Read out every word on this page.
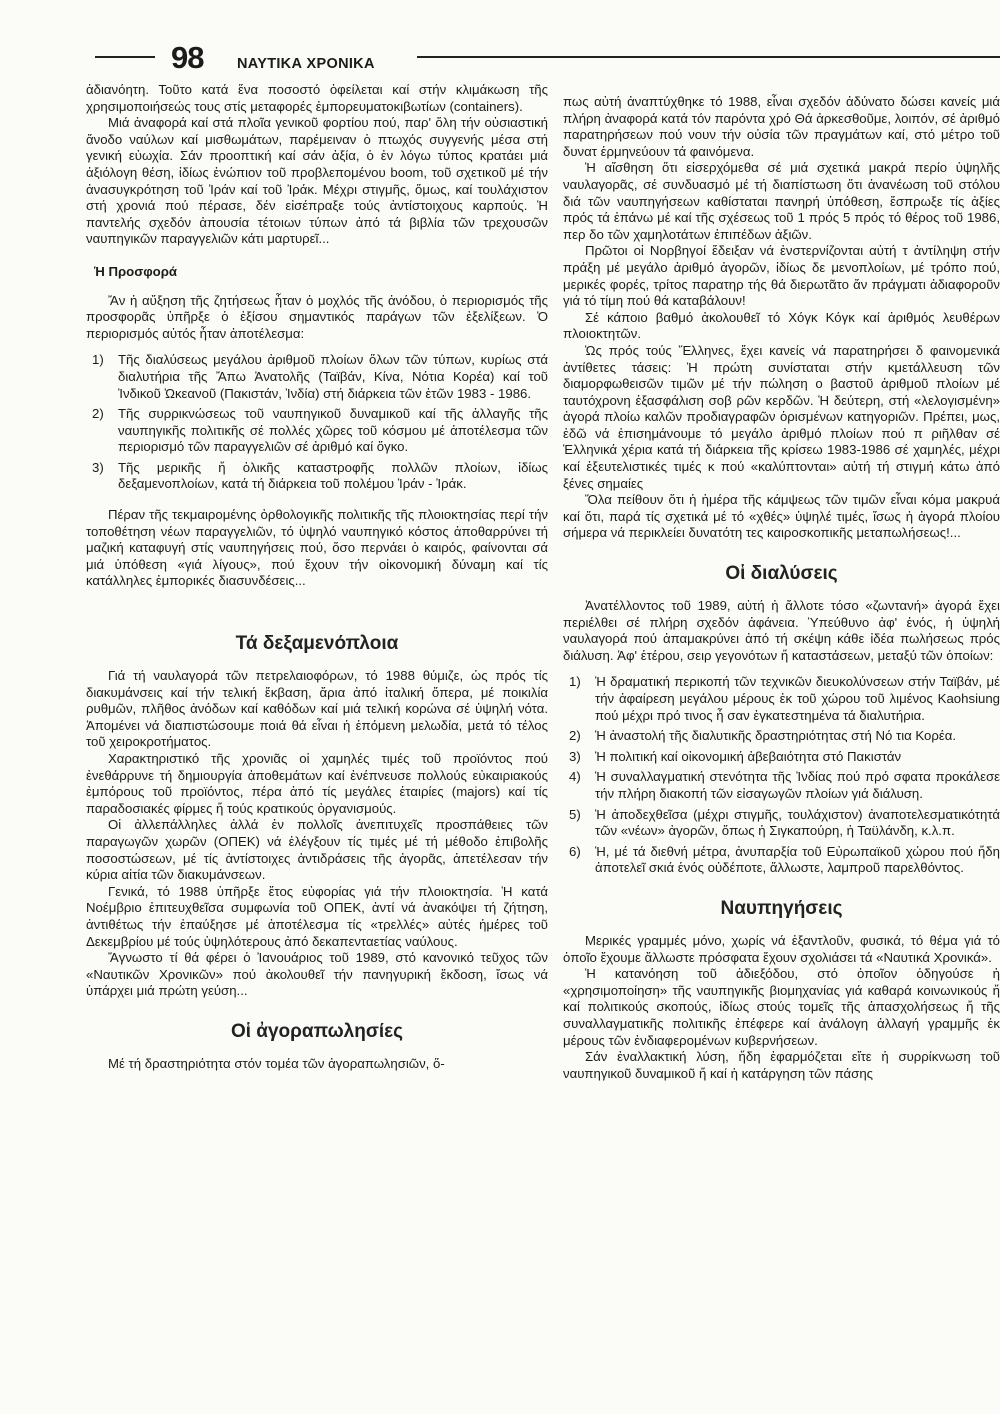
98 ΝΑΥΤΙΚΑ ΧΡΟΝΙΚΑ

ἀδιανόητη. Τοῦτο κατά ἕνα ποσοστό ὀφείλεται καί στήν κλιμάκωση τῆς χρησιμοποιήσεώς τους στίς μεταφορές ἐμπορευματοκιβωτίων (containers).

Μιά ἀναφορά καί στά πλοῖα γενικοῦ φορτίου πού, παρ' ὅλη τήν οὐσιαστική ἄνοδο ναύλων καί μισθωμάτων, παρέμειναν ὁ πτωχός συγγενής μέσα στή γενική εὐωχία. Σάν προοπτική καί σάν ἀξία, ὁ ἐν λόγω τύπος κρατάει μιά ἀξιόλογη θέση, ἰδίως ἐνώπιον τοῦ προβλεπομένου boom, τοῦ σχετικοῦ μέ τήν ἀνασυγκρότηση τοῦ Ἰράν καί τοῦ Ἰράκ. Μέχρι στιγμῆς, ὅμως, καί τουλάχιστον στή χρονιά πού πέρασε, δέν εἰσέπραξε τούς ἀντίστοιχους καρπούς. Ἡ παντελής σχεδόν ἀπουσία τέτοιων τύπων ἀπό τά βιβλία τῶν τρεχουσῶν ναυπηγικῶν παραγγελιῶν κάτι μαρτυρεῖ...

Ἡ Προσφορά

Ἄν ἡ αὔξηση τῆς ζητήσεως ἦταν ὁ μοχλός τῆς ἀνόδου, ὁ περιορισμός τῆς προσφορᾶς ὑπῆρξε ὁ ἐξίσου σημαντικός παράγων τῶν ἐξελίξεων. Ὁ περιορισμός αὐτός ἦταν ἀποτέλεσμα:

1) Τῆς διαλύσεως μεγάλου ἀριθμοῦ πλοίων ὅλων τῶν τύπων, κυρίως στά διαλυτήρια τῆς Ἄπω Ἀνατολῆς (Ταϊβάν, Κίνα, Νότια Κορέα) καί τοῦ Ἰνδικοῦ Ὠκεανοῦ (Πακιστάν, Ἰνδία) στή διάρκεια τῶν ἐτῶν 1983 - 1986.
2) Τῆς συρρικνώσεως τοῦ ναυπηγικοῦ δυναμικοῦ καί τῆς ἀλλαγῆς τῆς ναυπηγικῆς πολιτικῆς σέ πολλές χῶρες τοῦ κόσμου μέ ἀποτέλεσμα τῶν περιορισμό τῶν παραγγελιῶν σέ ἀριθμό καί ὄγκο.
3) Τῆς μερικῆς ἤ ὁλικῆς καταστροφῆς πολλῶν πλοίων, ἰδίως δεξαμενοπλοίων, κατά τή διάρκεια τοῦ πολέμου Ἰράν - Ἰράκ.

Πέραν τῆς τεκμαιρομένης ὀρθολογικῆς πολιτικῆς τῆς πλοιοκτησίας περί τήν τοποθέτηση νέων παραγγελιῶν, τό ὑψηλό ναυπηγικό κόστος ἀποθαρρύνει τή μαζική καταφυγή στίς ναυπηγήσεις πού, ὅσο περνάει ὁ καιρός, φαίνονται σά μιά ὑπόθεση «γιά λίγους», πού ἔχουν τήν οἰκονομική δύναμη καί τίς κατάλληλες ἐμπορικές διασυνδέσεις...

Τά δεξαμενόπλοια

Γιά τή ναυλαγορά τῶν πετρελαιοφόρων, τό 1988 θύμιζε, ὡς πρός τίς διακυμάνσεις καί τήν τελική ἔκβαση, ἄρια ἀπό ἰταλική ὄπερα, μέ ποικιλία ρυθμῶν, πλῆθος ἀνόδων καί καθόδων καί μιά τελική κορώνα σέ ὑψηλή νότα. Ἀπομένει νά διαπιστώσουμε ποιά θά εἶναι ἡ ἑπόμενη μελωδία, μετά τό τέλος τοῦ χειροκροτήματος.

Χαρακτηριστικό τῆς χρονιᾶς οἱ χαμηλές τιμές τοῦ προϊόντος πού ἐνεθάρρυνε τή δημιουργία ἀποθεμάτων καί ἐνέπνευσε πολλούς εὐκαιριακούς ἐμπόρους τοῦ προϊόντος, πέρα ἀπό τίς μεγάλες ἑταιρίες (majors) καί τίς παραδοσιακές φίρμες ἤ τούς κρατικούς ὀργανισμούς.

Οἱ ἀλλεπάλληλες ἀλλά ἐν πολλοῖς ἀνεπιτυχεῖς προσπάθειες τῶν παραγωγῶν χωρῶν (ΟΠΕΚ) νά ἐλέγξουν τίς τιμές μέ τή μέθοδο ἐπιβολῆς ποσοστώσεων, μέ τίς ἀντίστοιχες ἀντιδράσεις τῆς ἀγορᾶς, ἀπετέλεσαν τήν κύρια αἰτία τῶν διακυμάνσεων.

Γενικά, τό 1988 ὑπῆρξε ἔτος εὐφορίας γιά τήν πλοιοκτησία. Ἡ κατά Νοέμβριο ἐπιτευχθεῖσα συμφωνία τοῦ ΟΠΕΚ, ἀντί νά ἀνακόψει τή ζήτηση, ἀντιθέτως τήν ἐπαύξησε μέ ἀποτέλεσμα τίς «τρελλές» αὐτές ἡμέρες τοῦ Δεκεμβρίου μέ τούς ὑψηλότερους ἀπό δεκαπενταετίας ναύλους.

Ἄγνωστο τί θά φέρει ὁ Ἰανουάριος τοῦ 1989, στό κανονικό τεῦχος τῶν «Ναυτικῶν Χρονικῶν» πού ἀκολουθεῖ τήν πανηγυρική ἔκδοση, ἴσως νά ὑπάρχει μιά πρώτη γεύση...

Οἱ ἀγοραπωλησίες

Μέ τή δραστηριότητα στόν τομέα τῶν ἀγοραπωλησιῶν, ὅ-

πως αὐτή ἀναπτύχθηκε τό 1988, εἶναι σχεδόν ἀδύνατο δώσει κανείς μιά πλήρη ἀναφορά κατά τόν παρόντα χρό Θά ἀρκεσθοῦμε, λοιπόν, σέ ἀριθμό παρατηρήσεων πού νουν τήν οὐσία τῶν πραγμάτων καί, στό μέτρο τοῦ δυνατ ἑρμηνεύουν τά φαινόμενα.

Ἡ αἴσθηση ὅτι εἰσερχόμεθα σέ μιά σχετικά μακρά περίο ὑψηλῆς ναυλαγορᾶς, σέ συνδυασμό μέ τή διαπίστωση ὅτι ἀνανέωση τοῦ στόλου διά τῶν ναυπηγήσεων καθίσταται πανηρή ὑπόθεση, ἔσπρωξε τίς ἀξίες πρός τά ἐπάνω μέ καί τῆς σχέσεως τοῦ 1 πρός 5 πρός τό θέρος τοῦ 1986, περ δο τῶν χαμηλοτάτων ἐπιπέδων ἀξιῶν.

Πρῶτοι οἱ Νορβηγοί ἔδειξαν νά ἐνστερνίζονται αὐτή τ ἀντίληψη στήν πράξη μέ μεγάλο ἀριθμό ἀγορῶν, ἰδίως δε μενοπλοίων, μέ τρόπο πού, μερικές φορές, τρίτος παρατηρ τής θά διερωτᾶτο ἄν πράγματι ἀδιαφοροῦν γιά τό τίμη πού θά καταβάλουν!

Σέ κάποιο βαθμό ἀκολουθεῖ τό Χόγκ Κόγκ καί ἀριθμός λευθέρων πλοιοκτητῶν.

Ὡς πρός τούς Ἕλληνες, ἔχει κανείς νά παρατηρήσει δ φαινομενικά ἀντίθετες τάσεις: Ἡ πρώτη συνίσταται στήν κμετάλλευση τῶν διαμορφωθεισῶν τιμῶν μέ τήν πώληση ο βαστοῦ ἀριθμοῦ πλοίων μέ ταυτόχρονη ἐξασφάλιση σοβ ρῶν κερδῶν. Ἡ δεύτερη, στή «λελογισμένη» ἀγορά πλοίω καλῶν προδιαγραφῶν ὁρισμένων κατηγοριῶν. Πρέπει, μως, ἐδῶ νά ἐπισημάνουμε τό μεγάλο ἀριθμό πλοίων πού π ριῆλθαν σέ Ἑλληνικά χέρια κατά τή διάρκεια τῆς κρίσεω 1983-1986 σέ χαμηλές, μέχρι καί ἐξευτελιστικές τιμές κ πού «καλύπτονται» αὐτή τή στιγμή κάτω ἀπό ξένες σημαίες

Ὅλα πείθουν ὅτι ἡ ἡμέρα τῆς κάμψεως τῶν τιμῶν εἶναι κόμα μακρυά καί ὅτι, παρά τίς σχετικά μέ τό «χθές» ὑψηλέ τιμές, ἴσως ἡ ἀγορά πλοίου σήμερα νά περικλείει δυνατότη τες καιροσκοπικῆς μεταπωλήσεως!...

Οἱ διαλύσεις

Ἀνατέλλοντος τοῦ 1989, αὐτή ἡ ἄλλοτε τόσο «ζωντανή» ἀγορά ἔχει περιέλθει σέ πλήρη σχεδόν ἀφάνεια. Ὑπεύθυνο ἀφ' ἑνός, ἡ ὑψηλή ναυλαγορά πού ἀπαμακρύνει ἀπό τή σκέψη κάθε ἰδέα πωλήσεως πρός διάλυση. Ἀφ' ἑτέρου, σειρ γεγονότων ἤ καταστάσεων, μεταξύ τῶν ὁποίων:

1) Ἡ δραματική περικοπή τῶν τεχνικῶν διευκολύνσεων στήν Ταϊβάν, μέ τήν ἀφαίρεση μεγάλου μέρους ἐκ τοῦ χώρου τοῦ λιμένος Kaohsiung πού μέχρι πρό τινος ἦ σαν ἐγκατεστημένα τά διαλυτήρια.
2) Ἡ ἀναστολή τῆς διαλυτικῆς δραστηριότητας στή Νό τια Κορέα.
3) Ἡ πολιτική καί οἰκονομική ἀβεβαιότητα στό Πακιστάν
4) Ἡ συναλλαγματική στενότητα τῆς Ἰνδίας πού πρό σφατα προκάλεσε τήν πλήρη διακοπή τῶν εἰσαγωγῶν πλοίων γιά διάλυση.
5) Ἡ ἀποδεχθεῖσα (μέχρι στιγμῆς, τουλάχιστον) ἀναποτελεσματικότητά τῶν «νέων» ἀγορῶν, ὅπως ἡ Σιγκαπούρη, ἡ Ταϋλάνδη, κ.λ.π.
6) Ἡ, μέ τά διεθνή μέτρα, ἀνυπαρξία τοῦ Εὐρωπαϊκοῦ χώρου πού ἤδη ἀποτελεῖ σκιά ἑνός οὐδέποτε, ἄλλωστε, λαμπροῦ παρελθόντος.

Ναυπηγήσεις

Μερικές γραμμές μόνο, χωρίς νά ἐξαντλοῦν, φυσικά, τό θέμα γιά τό ὁποῖο ἔχουμε ἄλλωστε πρόσφατα ἔχουν σχολιάσει τά «Ναυτικά Χρονικά».

Ἡ κατανόηση τοῦ ἀδιεξόδου, στό ὁποῖον ὁδηγούσε ἡ «χρησιμοποίηση» τῆς ναυπηγικῆς βιομηχανίας γιά καθαρά κοινωνικούς ἤ καί πολιτικούς σκοπούς, ἰδίως στούς τομεῖς τῆς ἀπασχολήσεως ἤ τῆς συναλλαγματικῆς πολιτικῆς ἐπέφερε καί ἀνάλογη ἀλλαγή γραμμῆς ἐκ μέρους τῶν ἐνδιαφερομένων κυβερνήσεων.

Σάν ἐναλλακτική λύση, ἤδη ἐφαρμόζεται εἴτε ἡ συρρίκνωση τοῦ ναυπηγικοῦ δυναμικοῦ ἤ καί ἡ κατάργηση τῶν πάσης
